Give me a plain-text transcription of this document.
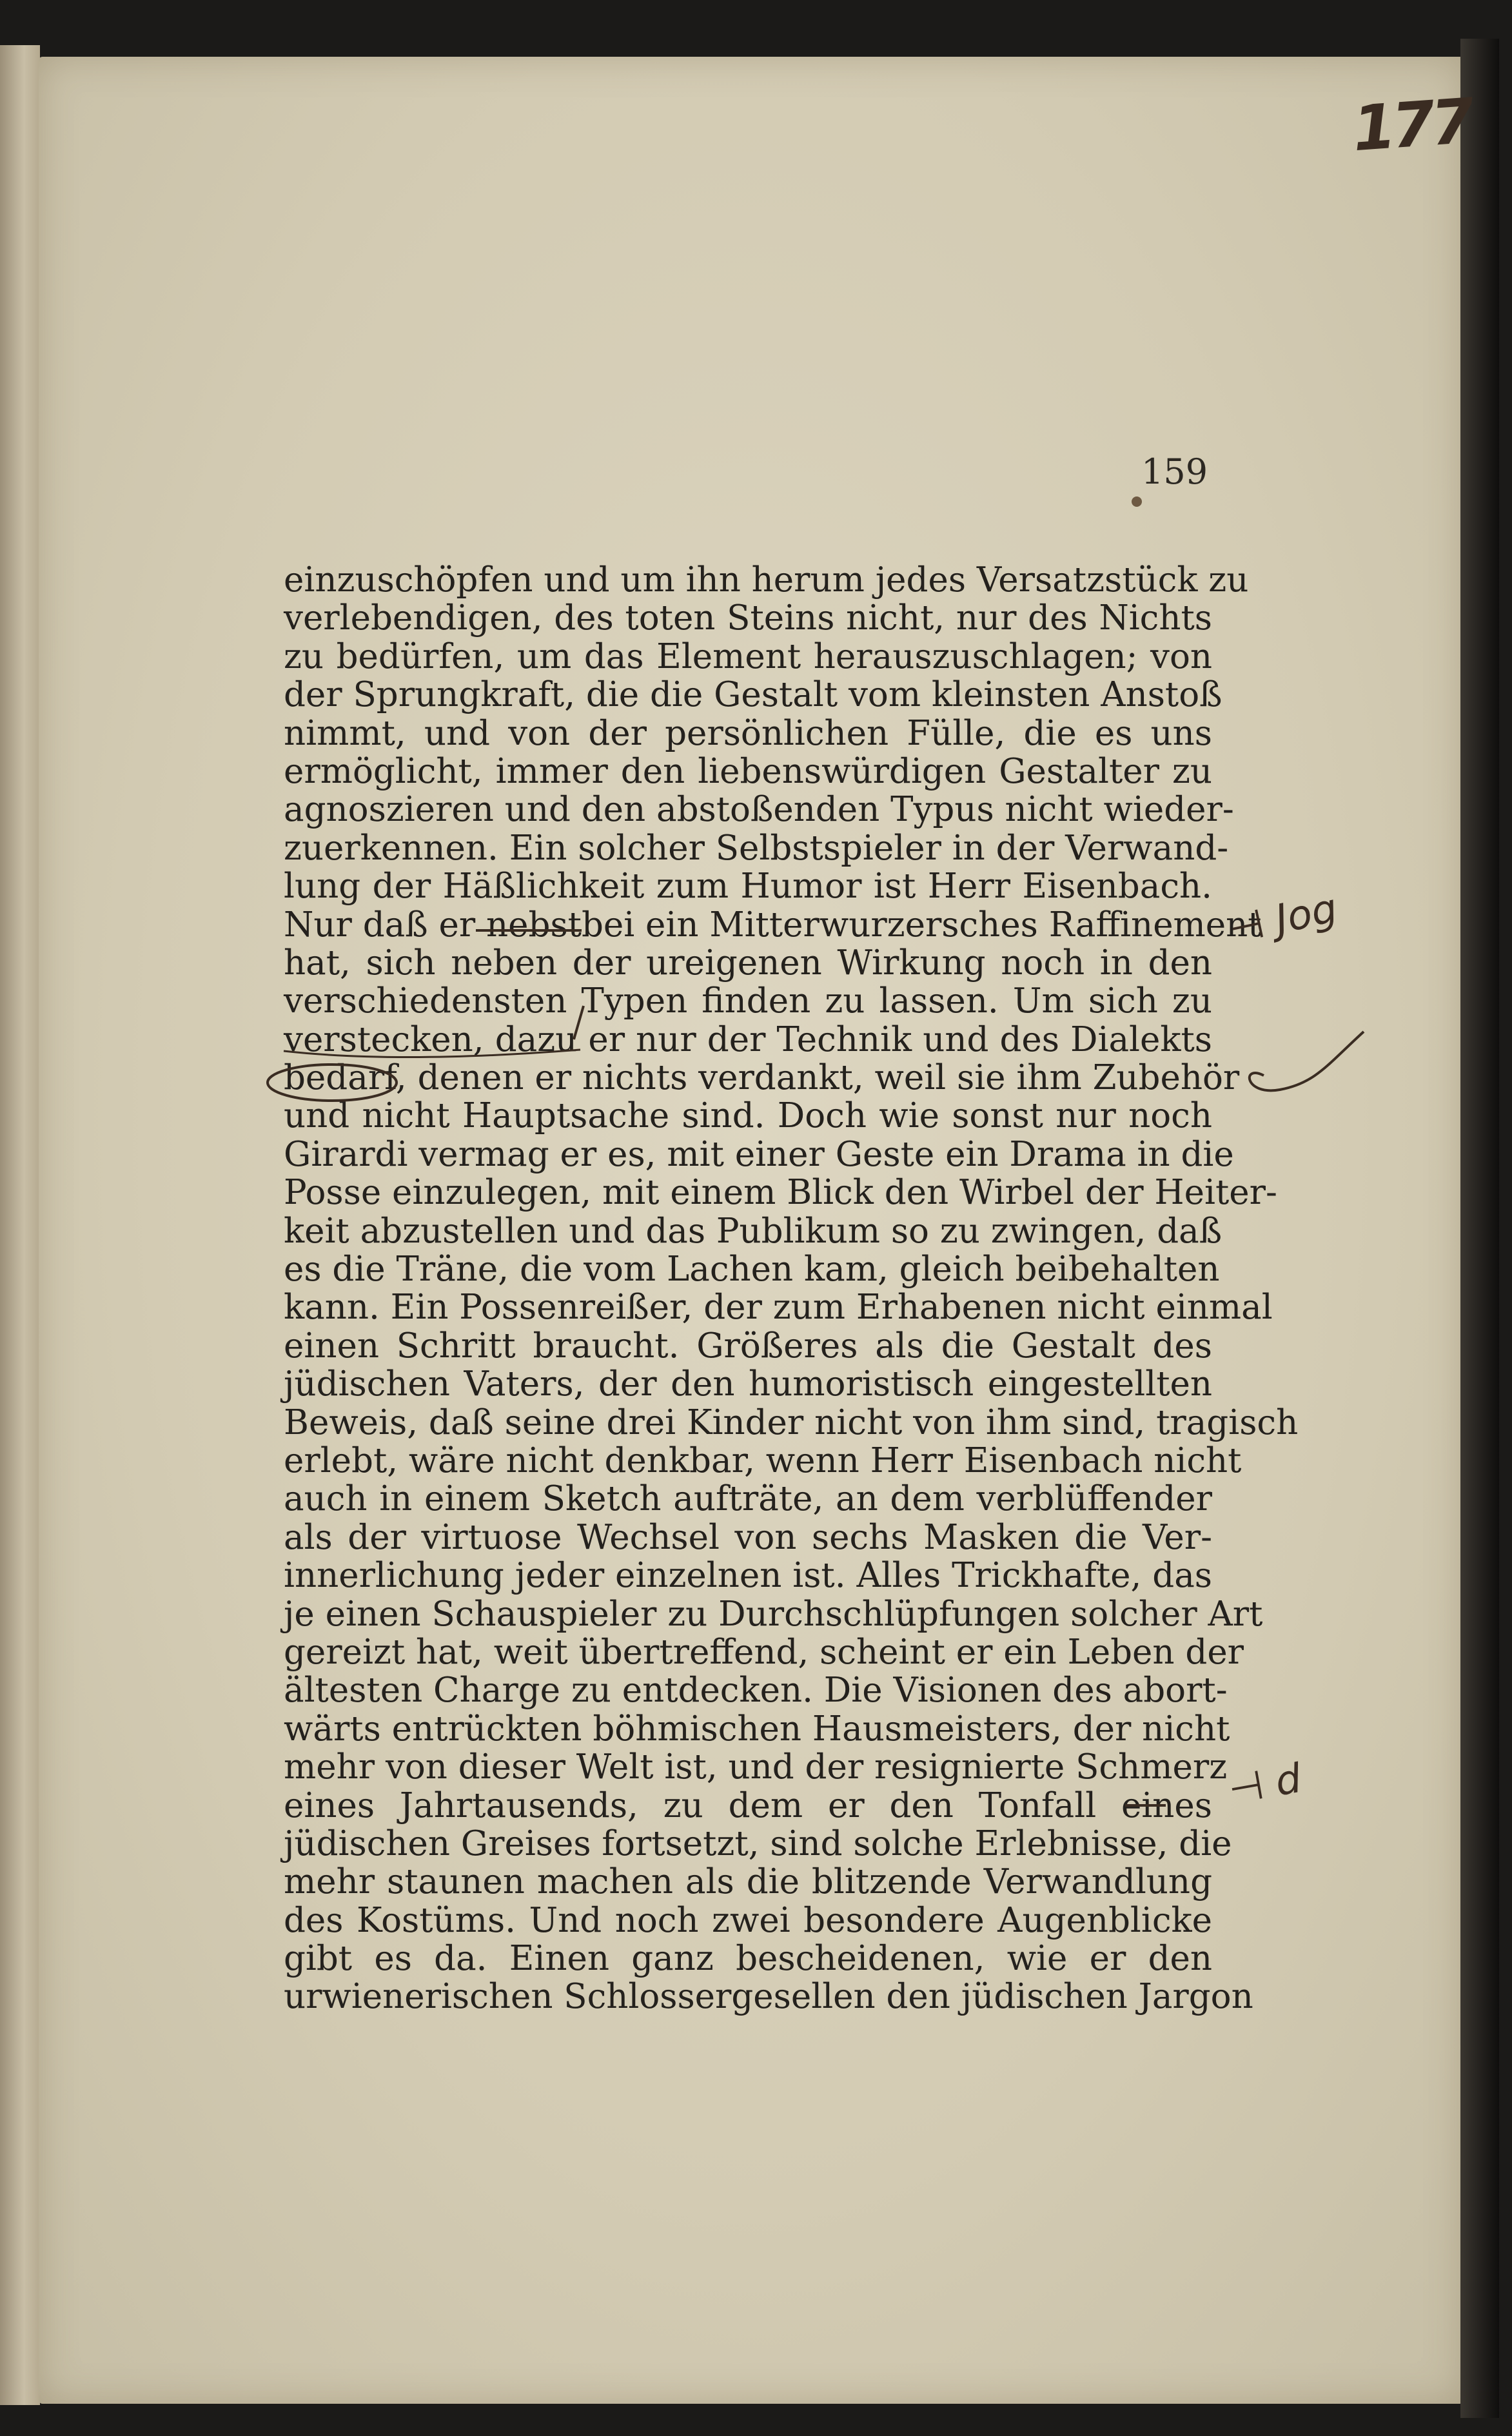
177
159
einzuschöpfen und um ihn herum jedes Versatzstück zu
verlebendigen, des toten Steins nicht, nur des Nichts
zu bedürfen, um das Element herauszuschlagen; von
der Sprungkraft, die die Gestalt vom kleinsten Anstoß
nimmt, und von der persönlichen Fülle, die es uns
ermöglicht, immer den liebenswürdigen Gestalter zu
agnoszieren und den abstoßenden Typus nicht wieder-
zuerkennen. Ein solcher Selbstspieler in der Verwand-
lung der Häßlichkeit zum Humor ist Herr Eisenbach.
Nur daß er nebstbei ein Mitterwurzersches Raffinement
hat, sich neben der ureigenen Wirkung noch in den
verschiedensten Typen finden zu lassen. Um sich zu
verstecken, dazu er nur der Technik und des Dialekts
bedarf, denen er nichts verdankt, weil sie ihm Zubehör
und nicht Hauptsache sind. Doch wie sonst nur noch
Girardi vermag er es, mit einer Geste ein Drama in die
Posse einzulegen, mit einem Blick den Wirbel der Heiter-
keit abzustellen und das Publikum so zu zwingen, daß
es die Träne, die vom Lachen kam, gleich beibehalten
kann. Ein Possenreißer, der zum Erhabenen nicht einmal
einen Schritt braucht. Größeres als die Gestalt des
jüdischen Vaters, der den humoristisch eingestellten
Beweis, daß seine drei Kinder nicht von ihm sind, tragisch
erlebt, wäre nicht denkbar, wenn Herr Eisenbach nicht
auch in einem Sketch aufträte, an dem verblüffender
als der virtuose Wechsel von sechs Masken die Ver-
innerlichung jeder einzelnen ist. Alles Trickhafte, das
je einen Schauspieler zu Durchschlüpfungen solcher Art
gereizt hat, weit übertreffend, scheint er ein Leben der
ältesten Charge zu entdecken. Die Visionen des abort-
wärts entrückten böhmischen Hausmeisters, der nicht
mehr von dieser Welt ist, und der resignierte Schmerz
eines Jahrtausends, zu dem er den Tonfall eines
jüdischen Greises fortsetzt, sind solche Erlebnisse, die
mehr staunen machen als die blitzende Verwandlung
des Kostüms. Und noch zwei besondere Augenblicke
gibt es da. Einen ganz bescheidenen, wie er den
urwienerischen Schlossergesellen den jüdischen Jargon
⊣ Jog
⊣ d
